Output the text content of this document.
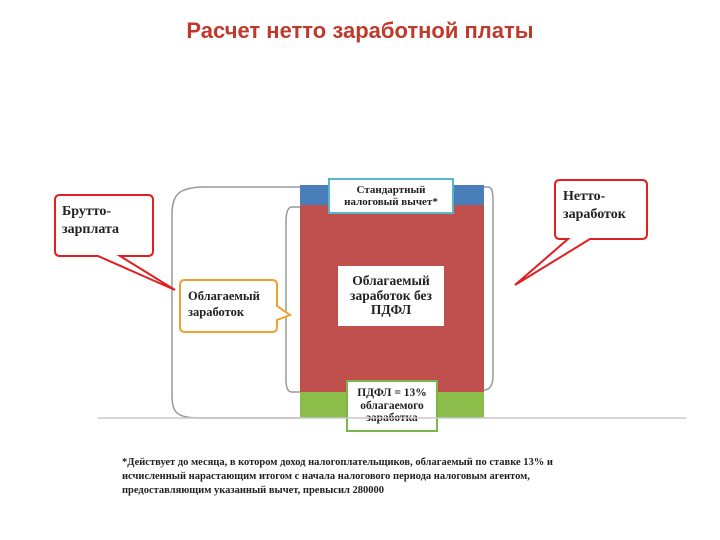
Расчет нетто заработной платы
Стандартный налоговый вычет*
Облагаемый заработок без ПДФЛ
ПДФЛ = 13% облагаемого заработка
Брутто-зарплата
Нетто-заработок
Облагаемый заработок
*Действует до месяца, в котором доход налогоплательщиков, облагаемый по ставке 13% и исчисленный нарастающим итогом с начала налогового периода налоговым агентом, предоставляющим указанный вычет, превысил 280000
